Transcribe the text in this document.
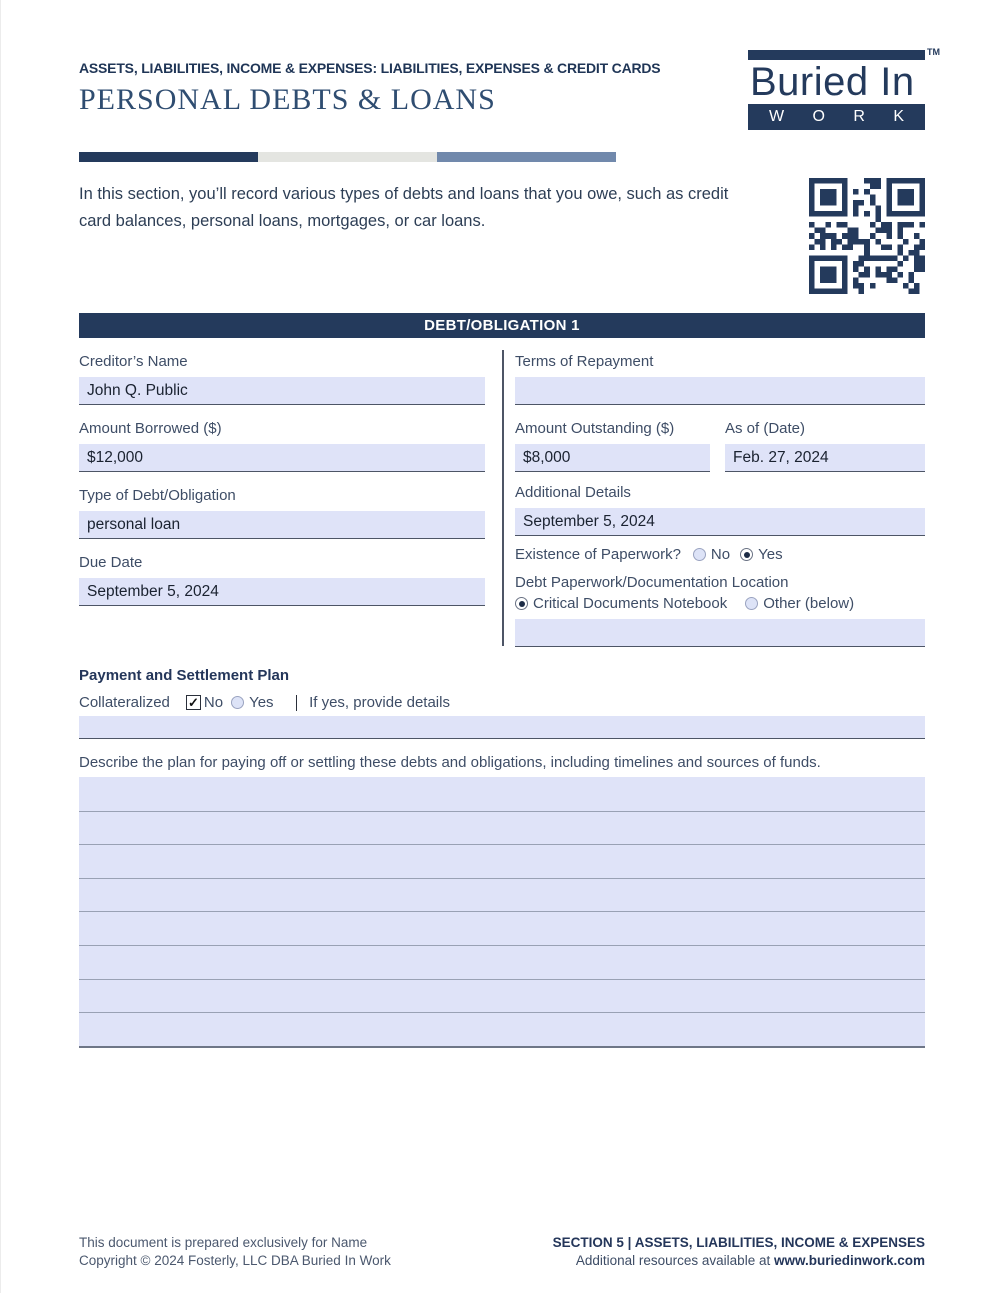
ASSETS, LIABILITIES, INCOME & EXPENSES: LIABILITIES, EXPENSES & CREDIT CARDS
PERSONAL DEBTS & LOANS
TM
Buried In
W O R K
In this section, you’ll record various types of debts and loans that you owe, such as credit card balances, personal loans, mortgages, or car loans.
DEBT/OBLIGATION 1
Creditor’s Name
John Q. Public
Amount Borrowed ($)
$12,000
Type of Debt/Obligation
personal loan
Due Date
September 5, 2024
Terms of Repayment
Amount Outstanding ($)
$8,000
As of (Date)
Feb. 27, 2024
Additional Details
September 5, 2024
Existence of Paperwork? No Yes
Debt Paperwork/Documentation Location
Critical Documents Notebook Other (below)
Payment and Settlement Plan
Collateralized ✓ No Yes If yes, provide details
Describe the plan for paying off or settling these debts and obligations, including timelines and sources of funds.
This document is prepared exclusively for Name
Copyright © 2024 Fosterly, LLC DBA Buried In Work
SECTION 5 | ASSETS, LIABILITIES, INCOME & EXPENSES
Additional resources available at www.buriedinwork.com
